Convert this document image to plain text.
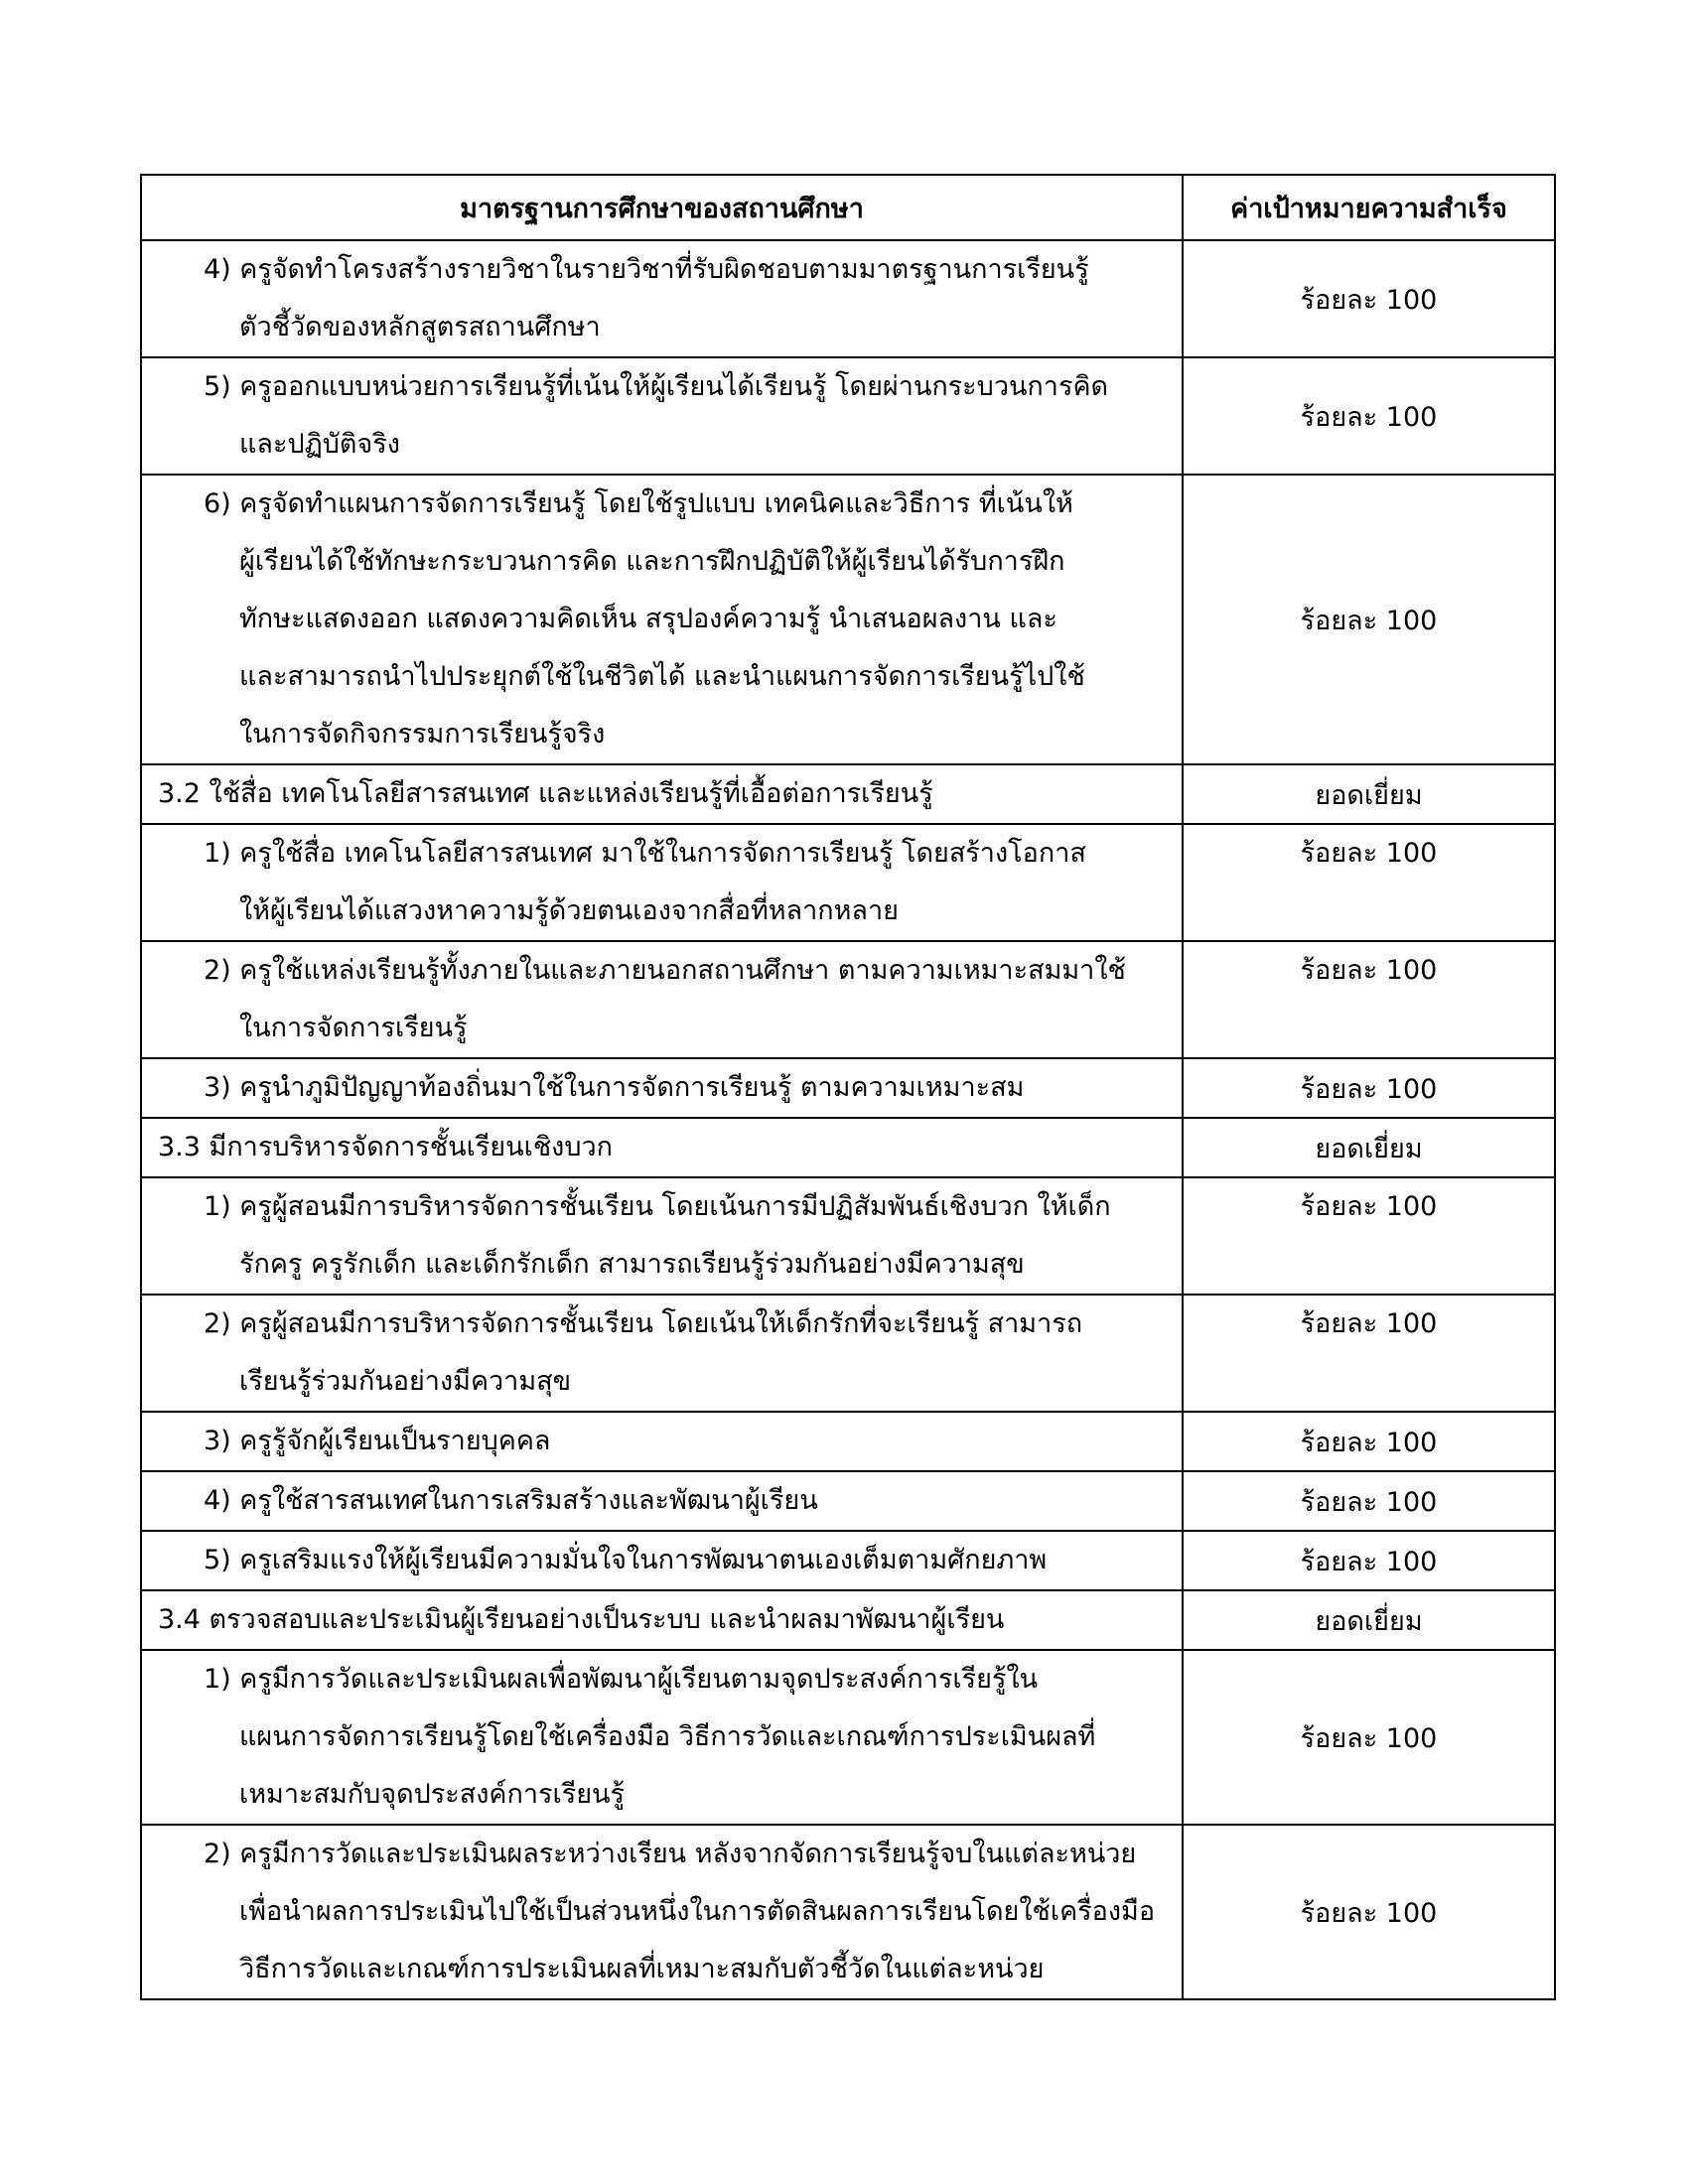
มาตรฐานการศึกษาของสถานศึกษา	ค่าเป้าหมายความสำเร็จ

4) ครูจัดทำโครงสร้างรายวิชาในรายวิชาที่รับผิดชอบตามมาตรฐานการเรียนรู้
ตัวชี้วัดของหลักสูตรสถานศึกษา	ร้อยละ 100

5) ครูออกแบบหน่วยการเรียนรู้ที่เน้นให้ผู้เรียนได้เรียนรู้ โดยผ่านกระบวนการคิด
และปฏิบัติจริง	ร้อยละ 100

6) ครูจัดทำแผนการจัดการเรียนรู้ โดยใช้รูปแบบ เทคนิคและวิธีการ ที่เน้นให้
ผู้เรียนได้ใช้ทักษะกระบวนการคิด และการฝึกปฏิบัติให้ผู้เรียนได้รับการฝึก
ทักษะแสดงออก แสดงความคิดเห็น สรุปองค์ความรู้ นำเสนอผลงาน และ
และสามารถนำไปประยุกต์ใช้ในชีวิตได้ และนำแผนการจัดการเรียนรู้ไปใช้
ในการจัดกิจกรรมการเรียนรู้จริง	ร้อยละ 100

3.2 ใช้สื่อ เทคโนโลยีสารสนเทศ และแหล่งเรียนรู้ที่เอื้อต่อการเรียนรู้	ยอดเยี่ยม

1) ครูใช้สื่อ เทคโนโลยีสารสนเทศ มาใช้ในการจัดการเรียนรู้ โดยสร้างโอกาส
ให้ผู้เรียนได้แสวงหาความรู้ด้วยตนเองจากสื่อที่หลากหลาย	ร้อยละ 100

2) ครูใช้แหล่งเรียนรู้ทั้งภายในและภายนอกสถานศึกษา ตามความเหมาะสมมาใช้
ในการจัดการเรียนรู้	ร้อยละ 100

3) ครูนำภูมิปัญญาท้องถิ่นมาใช้ในการจัดการเรียนรู้ ตามความเหมาะสม	ร้อยละ 100

3.3 มีการบริหารจัดการชั้นเรียนเชิงบวก	ยอดเยี่ยม

1) ครูผู้สอนมีการบริหารจัดการชั้นเรียน โดยเน้นการมีปฏิสัมพันธ์เชิงบวก ให้เด็ก
รักครู ครูรักเด็ก และเด็กรักเด็ก สามารถเรียนรู้ร่วมกันอย่างมีความสุข	ร้อยละ 100

2) ครูผู้สอนมีการบริหารจัดการชั้นเรียน โดยเน้นให้เด็กรักที่จะเรียนรู้ สามารถ
เรียนรู้ร่วมกันอย่างมีความสุข	ร้อยละ 100

3) ครูรู้จักผู้เรียนเป็นรายบุคคล	ร้อยละ 100

4) ครูใช้สารสนเทศในการเสริมสร้างและพัฒนาผู้เรียน	ร้อยละ 100

5) ครูเสริมแรงให้ผู้เรียนมีความมั่นใจในการพัฒนาตนเองเต็มตามศักยภาพ	ร้อยละ 100

3.4 ตรวจสอบและประเมินผู้เรียนอย่างเป็นระบบ และนำผลมาพัฒนาผู้เรียน	ยอดเยี่ยม

1) ครูมีการวัดและประเมินผลเพื่อพัฒนาผู้เรียนตามจุดประสงค์การเรียรู้ใน
แผนการจัดการเรียนรู้โดยใช้เครื่องมือ วิธีการวัดและเกณฑ์การประเมินผลที่
เหมาะสมกับจุดประสงค์การเรียนรู้	ร้อยละ 100

2) ครูมีการวัดและประเมินผลระหว่างเรียน หลังจากจัดการเรียนรู้จบในแต่ละหน่วย
เพื่อนำผลการประเมินไปใช้เป็นส่วนหนึ่งในการตัดสินผลการเรียนโดยใช้เครื่องมือ
วิธีการวัดและเกณฑ์การประเมินผลที่เหมาะสมกับตัวชี้วัดในแต่ละหน่วย	ร้อยละ 100
